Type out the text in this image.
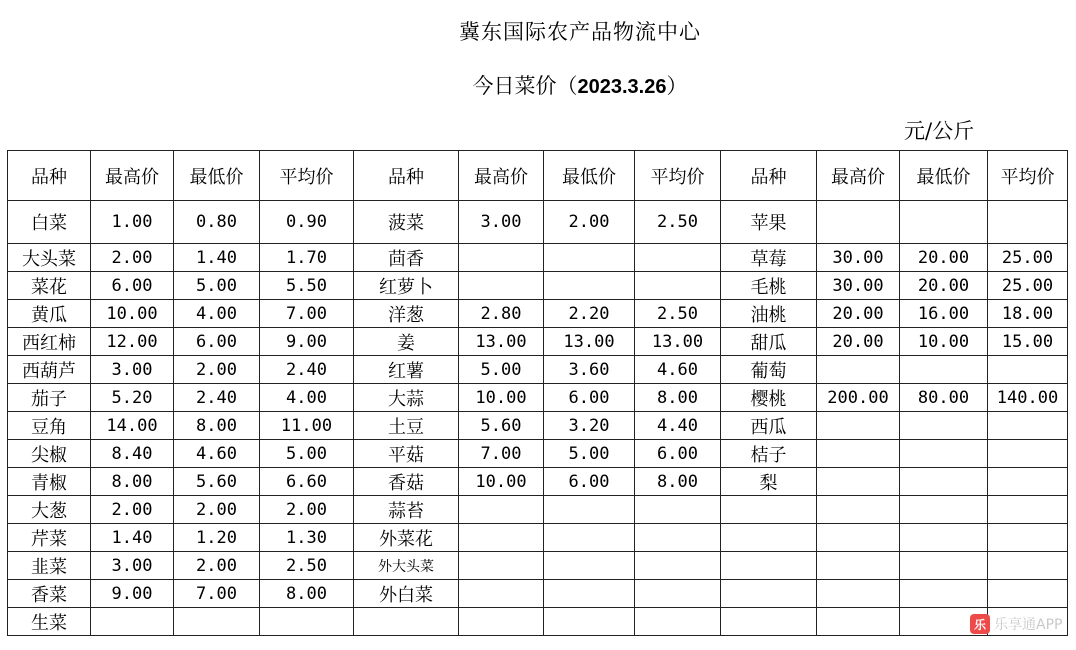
冀东国际农产品物流中心
今日菜价（2023.3.26）
元/公斤
品种	最高价	最低价	平均价	品种	最高价	最低价	平均价	品种	最高价	最低价	平均价
白菜	1.00	0.80	0.90	菠菜	3.00	2.00	2.50	苹果			
大头菜	2.00	1.40	1.70	茴香				草莓	30.00	20.00	25.00
菜花	6.00	5.00	5.50	红萝卜				毛桃	30.00	20.00	25.00
黄瓜	10.00	4.00	7.00	洋葱	2.80	2.20	2.50	油桃	20.00	16.00	18.00
西红柿	12.00	6.00	9.00	姜	13.00	13.00	13.00	甜瓜	20.00	10.00	15.00
西葫芦	3.00	2.00	2.40	红薯	5.00	3.60	4.60	葡萄			
茄子	5.20	2.40	4.00	大蒜	10.00	6.00	8.00	樱桃	200.00	80.00	140.00
豆角	14.00	8.00	11.00	土豆	5.60	3.20	4.40	西瓜			
尖椒	8.40	4.60	5.00	平菇	7.00	5.00	6.00	桔子			
青椒	8.00	5.60	6.60	香菇	10.00	6.00	8.00	梨			
大葱	2.00	2.00	2.00	蒜苔							
芹菜	1.40	1.20	1.30	外菜花							
韭菜	3.00	2.00	2.50	外大头菜							
香菜	9.00	7.00	8.00	外白菜							
生菜												乐 乐享通APP
